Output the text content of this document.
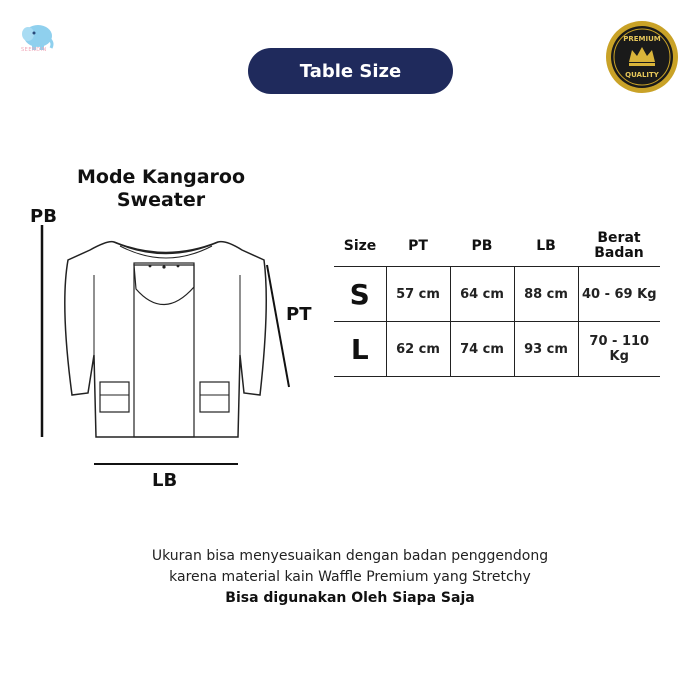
SEENDIN
Table Size
PREMIUM
QUALITY
Mode Kangaroo
Sweater
PB
PT
LB
Size	PT	PB	LB	Berat
Badan

S	57 cm	64 cm	88 cm	40 - 69 Kg
L	62 cm	74 cm	93 cm	70 - 110 Kg
Ukuran bisa menyesuaikan dengan badan penggendong
karena material kain Waffle Premium yang Stretchy
Bisa digunakan Oleh Siapa Saja
